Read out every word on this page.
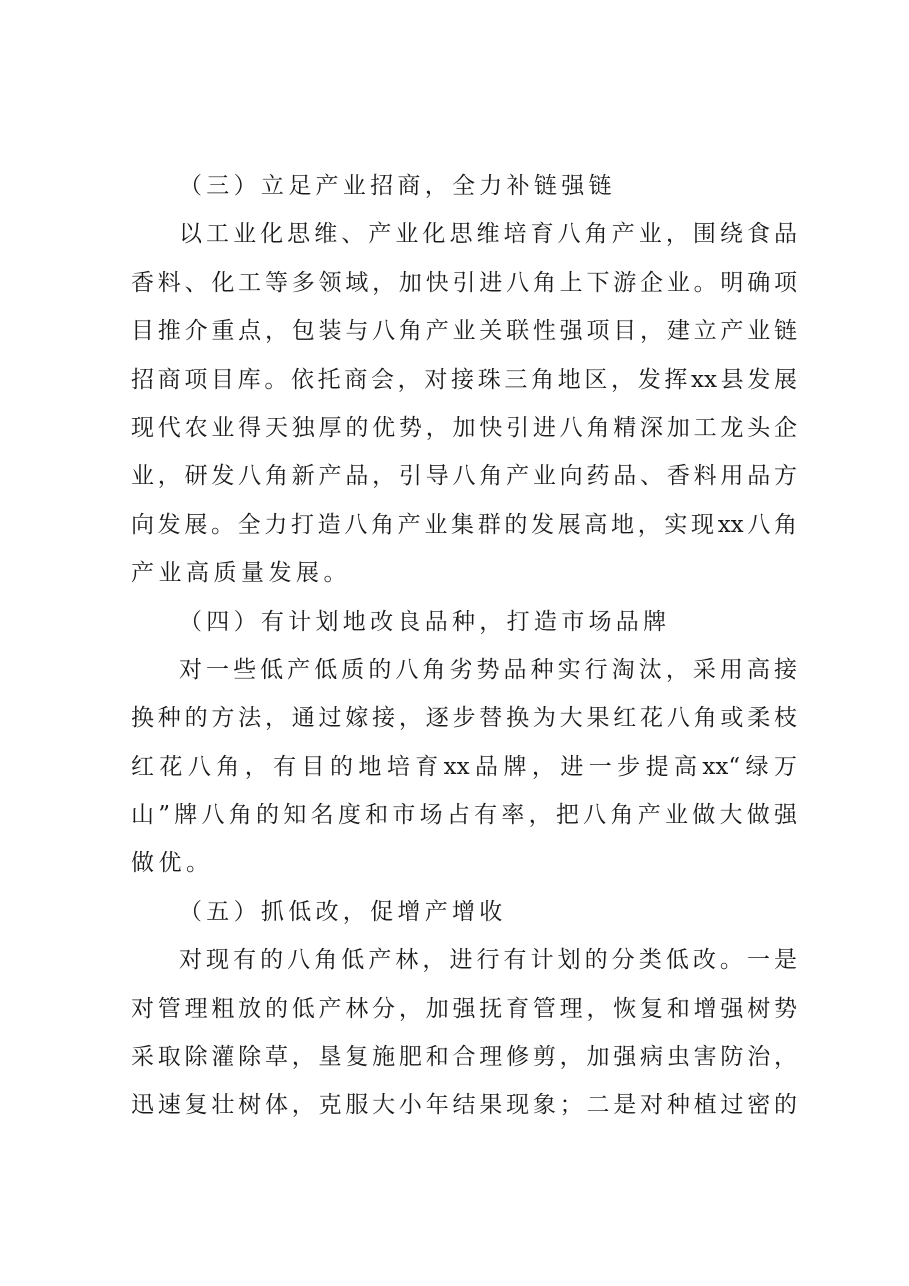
（三）立足产业招商，全力补链强链
以工业化思维、产业化思维培育八角产业，围绕食品
香料、化工等多领域，加快引进八角上下游企业。明确项
目推介重点，包装与八角产业关联性强项目，建立产业链
招商项目库。依托商会，对接珠三角地区，发挥xx县发展
现代农业得天独厚的优势，加快引进八角精深加工龙头企
业，研发八角新产品，引导八角产业向药品、香料用品方
向发展。全力打造八角产业集群的发展高地，实现xx八角
产业高质量发展。
（四）有计划地改良品种，打造市场品牌
对一些低产低质的八角劣势品种实行淘汰，采用高接
换种的方法，通过嫁接，逐步替换为大果红花八角或柔枝
红花八角，有目的地培育xx品牌，进一步提高xx“绿万
山”牌八角的知名度和市场占有率，把八角产业做大做强
做优。
（五）抓低改，促增产增收
对现有的八角低产林，进行有计划的分类低改。一是
对管理粗放的低产林分，加强抚育管理，恢复和增强树势
采取除灌除草，垦复施肥和合理修剪，加强病虫害防治，
迅速复壮树体，克服大小年结果现象；二是对种植过密的
